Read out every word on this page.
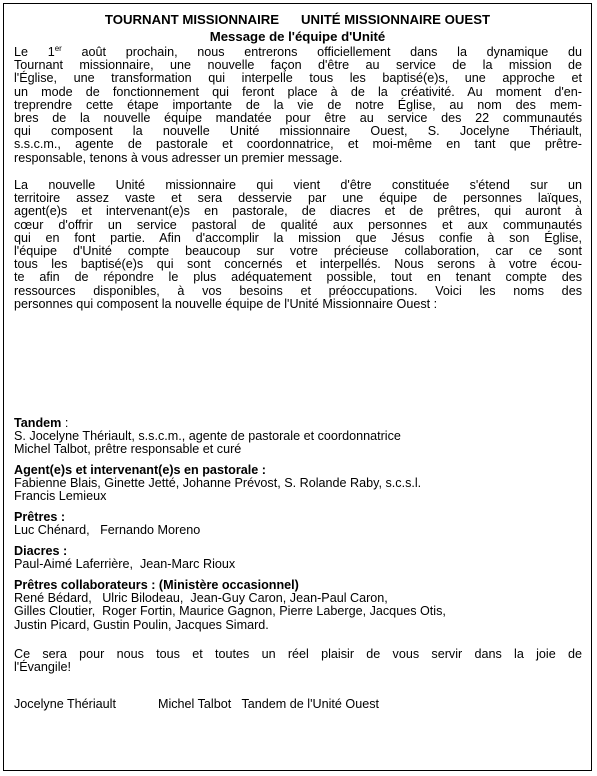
TOURNANT MISSIONNAIRE      UNITÉ MISSIONNAIRE OUEST
Message de l'équipe d'Unité
Le 1er août prochain, nous entrerons officiellement dans la dynamique du
Tournant missionnaire, une nouvelle façon d'être au service de la mission de
l'Église, une transformation qui interpelle tous les baptisé(e)s, une approche et
un mode de fonctionnement qui feront place à de la créativité. Au moment d'en-
treprendre cette étape importante de la vie de notre Église, au nom des mem-
bres de la nouvelle équipe mandatée pour être au service des 22 communautés
qui composent la nouvelle Unité missionnaire Ouest, S. Jocelyne Thériault,
s.s.c.m., agente de pastorale et coordonnatrice, et moi-même en tant que prêtre-
responsable, tenons à vous adresser un premier message.
La nouvelle Unité missionnaire qui vient d'être constituée s'étend sur un
territoire assez vaste et sera desservie par une équipe de personnes laïques,
agent(e)s et intervenant(e)s en pastorale, de diacres et de prêtres, qui auront à
cœur d'offrir un service pastoral de qualité aux personnes et aux communautés
qui en font partie. Afin d'accomplir la mission que Jésus confie à son Église,
l'équipe d'Unité compte beaucoup sur votre précieuse collaboration, car ce sont
tous les baptisé(e)s qui sont concernés et interpellés. Nous serons à votre écou-
te afin de répondre le plus adéquatement possible, tout en tenant compte des
ressources disponibles, à vos besoins et préoccupations. Voici les noms des
personnes qui composent la nouvelle équipe de l'Unité Missionnaire Ouest :
Tandem :
S. Jocelyne Thériault, s.s.c.m., agente de pastorale et coordonnatrice
Michel Talbot, prêtre responsable et curé
Agent(e)s et intervenant(e)s en pastorale :
Fabienne Blais, Ginette Jetté, Johanne Prévost, S. Rolande Raby, s.c.s.l.
Francis Lemieux
Prêtres :
Luc Chénard,   Fernando Moreno
Diacres :
Paul-Aimé Laferrière,  Jean-Marc Rioux
Prêtres collaborateurs : (Ministère occasionnel)
René Bédard,   Ulric Bilodeau,  Jean-Guy Caron, Jean-Paul Caron,
Gilles Cloutier,  Roger Fortin, Maurice Gagnon, Pierre Laberge, Jacques Otis,
Justin Picard, Gustin Poulin, Jacques Simard.
Ce sera pour nous tous et toutes un réel plaisir de vous servir dans la joie de
l'Évangile!
Jocelyne Thériault            Michel Talbot   Tandem de l'Unité Ouest
